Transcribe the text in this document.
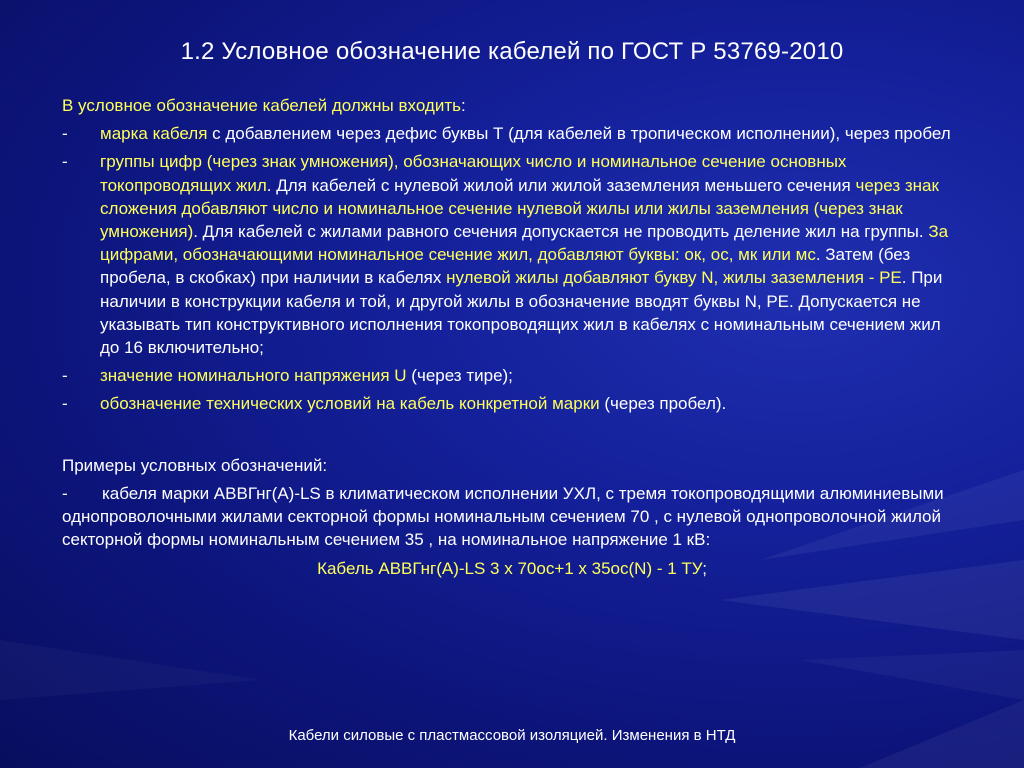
1.2 Условное обозначение кабелей по ГОСТ Р 53769-2010

В условное обозначение кабелей должны входить:

- марка кабеля с добавлением через дефис буквы Т (для кабелей в тропическом исполнении), через пробел
- группы цифр (через знак умножения), обозначающих число и номинальное сечение основных токопроводящих жил. Для кабелей с нулевой жилой или жилой заземления меньшего сечения через знак сложения добавляют число и номинальное сечение нулевой жилы или жилы заземления (через знак умножения). Для кабелей с жилами равного сечения допускается не проводить деление жил на группы. За цифрами, обозначающими номинальное сечение жил, добавляют буквы: ок, ос, мк или мс. Затем (без пробела, в скобках) при наличии в кабелях нулевой жилы добавляют букву N, жилы заземления - РЕ. При наличии в конструкции кабеля и той, и другой жилы в обозначение вводят буквы N, РЕ. Допускается не указывать тип конструктивного исполнения токопроводящих жил в кабелях с номинальным сечением жил до 16 включительно;
- значение номинального напряжения U (через тире);
- обозначение технических условий на кабель конкретной марки (через пробел).
Примеры условных обозначений:
- кабеля марки АВВГнг(А)-LS в климатическом исполнении УХЛ, с тремя токопроводящими алюминиевыми однопроволочными жилами секторной формы номинальным сечением 70 , с нулевой однопроволочной жилой секторной формы номинальным сечением 35 , на номинальное напряжение 1 кВ:
Кабель АВВГнг(А)-LS 3 х 70ос+1 х 35ос(N) - 1 ТУ;
Кабели силовые с пластмассовой изоляцией. Изменения в НТД
